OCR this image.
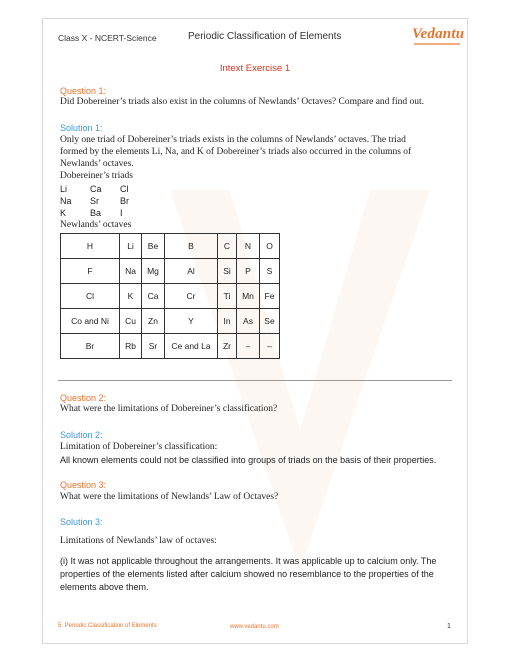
Class X - NCERT-Science	Periodic Classification of Elements	Vedantu
Intext Exercise 1
Question 1:
Did Dobereiner’s triads also exist in the columns of Newlands’ Octaves? Compare and find out.
Solution 1:
Only one triad of Dobereiner’s triads exists in the columns of Newlands’ octaves. The triad
formed by the elements Li, Na, and K of Dobereiner’s triads also occurred in the columns of
Newlands’ octaves.
Dobereiner’s triads
Li	Ca Cl
Na Sr Br
K	Ba I
Newlands’ octaves
H	Li	Be	B	C	N	O
F	Na	Mg	Al	Si	P	S
Cl	K	Ca	Cr	Ti	Mn	Fe
Co and Ni	Cu	Zn	Y	In	As	Se
Br	Rb	Sr	Ce and La	Zr	–	–
Question 2:
What were the limitations of Dobereiner’s classification?
Solution 2:
Limitation of Dobereiner’s classification:
All known elements could not be classified into groups of triads on the basis of their properties.
Question 3:
What were the limitations of Newlands’ Law of Octaves?
Solution 3:
Limitations of Newlands’ law of octaves:
(i) It was not applicable throughout the arrangements. It was applicable up to calcium only. The
properties of the elements listed after calcium showed no resemblance to the properties of the
elements above them.
5. Periodic Classification of Elements	www.vedantu.com	1
